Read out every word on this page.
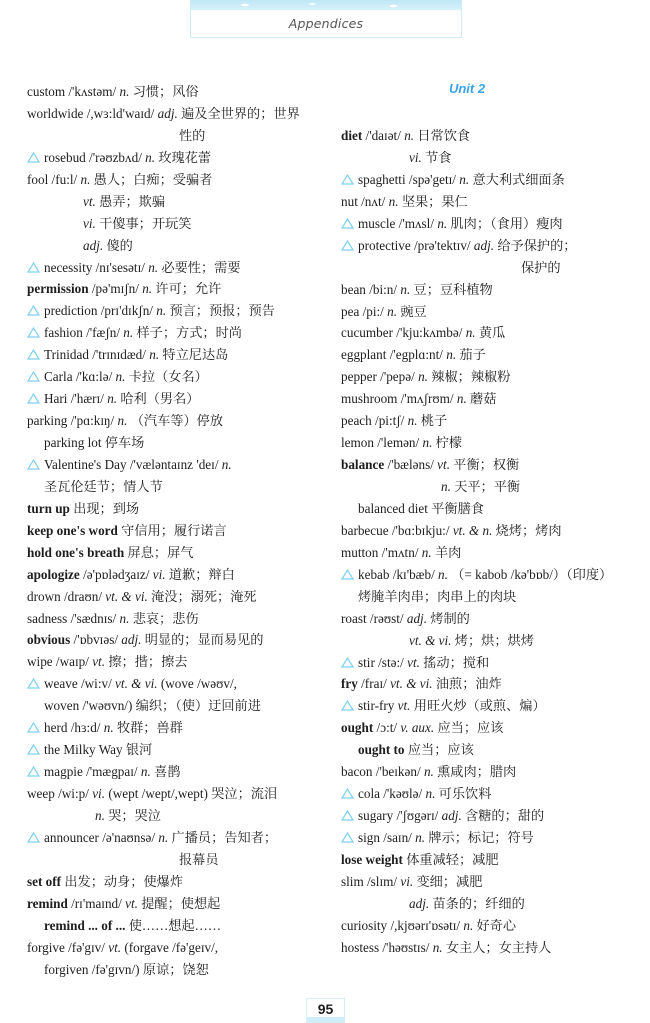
Appendices
custom /'kʌstəm/ n. 习惯；风俗
worldwide /,wɜ:ld'waɪd/ adj. 遍及全世界的；世界
性的
rosebud /'rəʊzbʌd/ n. 玫瑰花蕾
fool /fu:l/ n. 愚人；白痴；受骗者
vt. 愚弄；欺骗
vi. 干傻事；开玩笑
adj. 傻的
necessity /nɪ'sesətɪ/ n. 必要性；需要
permission /pə'mɪʃn/ n. 许可；允许
prediction /prɪ'dɪkʃn/ n. 预言；预报；预告
fashion /'fæʃn/ n. 样子；方式；时尚
Trinidad /'trɪnɪdæd/ n. 特立尼达岛
Carla /'kɑ:lə/ n. 卡拉（女名）
Hari /'hærɪ/ n. 哈利（男名）
parking /'pɑ:kɪŋ/ n. （汽车等）停放
parking lot 停车场
Valentine's Day /'væləntaɪnz 'deɪ/ n.
圣瓦伦廷节；情人节
turn up 出现；到场
keep one's word 守信用；履行诺言
hold one's breath 屏息；屏气
apologize /ə'pɒlədʒaɪz/ vi. 道歉；辩白
drown /draʊn/ vt. & vi. 淹没；溺死；淹死
sadness /'sædnɪs/ n. 悲哀；悲伤
obvious /'ɒbvɪəs/ adj. 明显的；显而易见的
wipe /waɪp/ vt. 擦；揩；擦去
weave /wi:v/ vt. & vi. (wove /wəʊv/,
woven /'wəʊvn/) 编织；（使）迂回前进
herd /hɜ:d/ n. 牧群；兽群
the Milky Way 银河
magpie /'mægpaɪ/ n. 喜鹊
weep /wi:p/ vi. (wept /wept/,wept) 哭泣；流泪
n. 哭；哭泣
announcer /ə'naʊnsə/ n. 广播员；告知者；
报幕员
set off 出发；动身；使爆炸
remind /rɪ'maɪnd/ vt. 提醒；使想起
remind ... of ... 使……想起……
forgive /fə'gɪv/ vt. (forgave /fə'geɪv/,
forgiven /fə'gɪvn/) 原谅；饶恕
Unit 2
diet /'daɪət/ n. 日常饮食
vi. 节食
spaghetti /spə'getɪ/ n. 意大利式细面条
nut /nʌt/ n. 坚果；果仁
muscle /'mʌsl/ n. 肌肉；（食用）瘦肉
protective /prə'tektɪv/ adj. 给予保护的；
保护的
bean /bi:n/ n. 豆；豆科植物
pea /pi:/ n. 豌豆
cucumber /'kju:kʌmbə/ n. 黄瓜
eggplant /'egplɑ:nt/ n. 茄子
pepper /'pepə/ n. 辣椒；辣椒粉
mushroom /'mʌʃrʊm/ n. 蘑菇
peach /pi:tʃ/ n. 桃子
lemon /'lemən/ n. 柠檬
balance /'bæləns/ vt. 平衡；权衡
n. 天平；平衡
balanced diet 平衡膳食
barbecue /'bɑ:bɪkju:/ vt. & n. 烧烤；烤肉
mutton /'mʌtn/ n. 羊肉
kebab /kɪ'bæb/ n. （= kabob /kə'bɒb/）（印度）
烤腌羊肉串；肉串上的肉块
roast /rəʊst/ adj. 烤制的
vt. & vi. 烤；烘；烘烤
stir /stə:/ vt. 搖动；搅和
fry /fraɪ/ vt. & vi. 油煎；油炸
stir-fry vt. 用旺火炒（或煎、煸）
ought /ɔ:t/ v. aux. 应当；应该
ought to 应当；应该
bacon /'beɪkən/ n. 熏咸肉；腊肉
cola /'kəʊlə/ n. 可乐饮料
sugary /'ʃʊgərɪ/ adj. 含糖的；甜的
sign /saɪn/ n. 牌示；标记；符号
lose weight 体重减轻；减肥
slim /slɪm/ vi. 变细；减肥
adj. 苗条的；纤细的
curiosity /,kjʊərɪ'ɒsətɪ/ n. 好奇心
hostess /'həʊstɪs/ n. 女主人；女主持人
95
